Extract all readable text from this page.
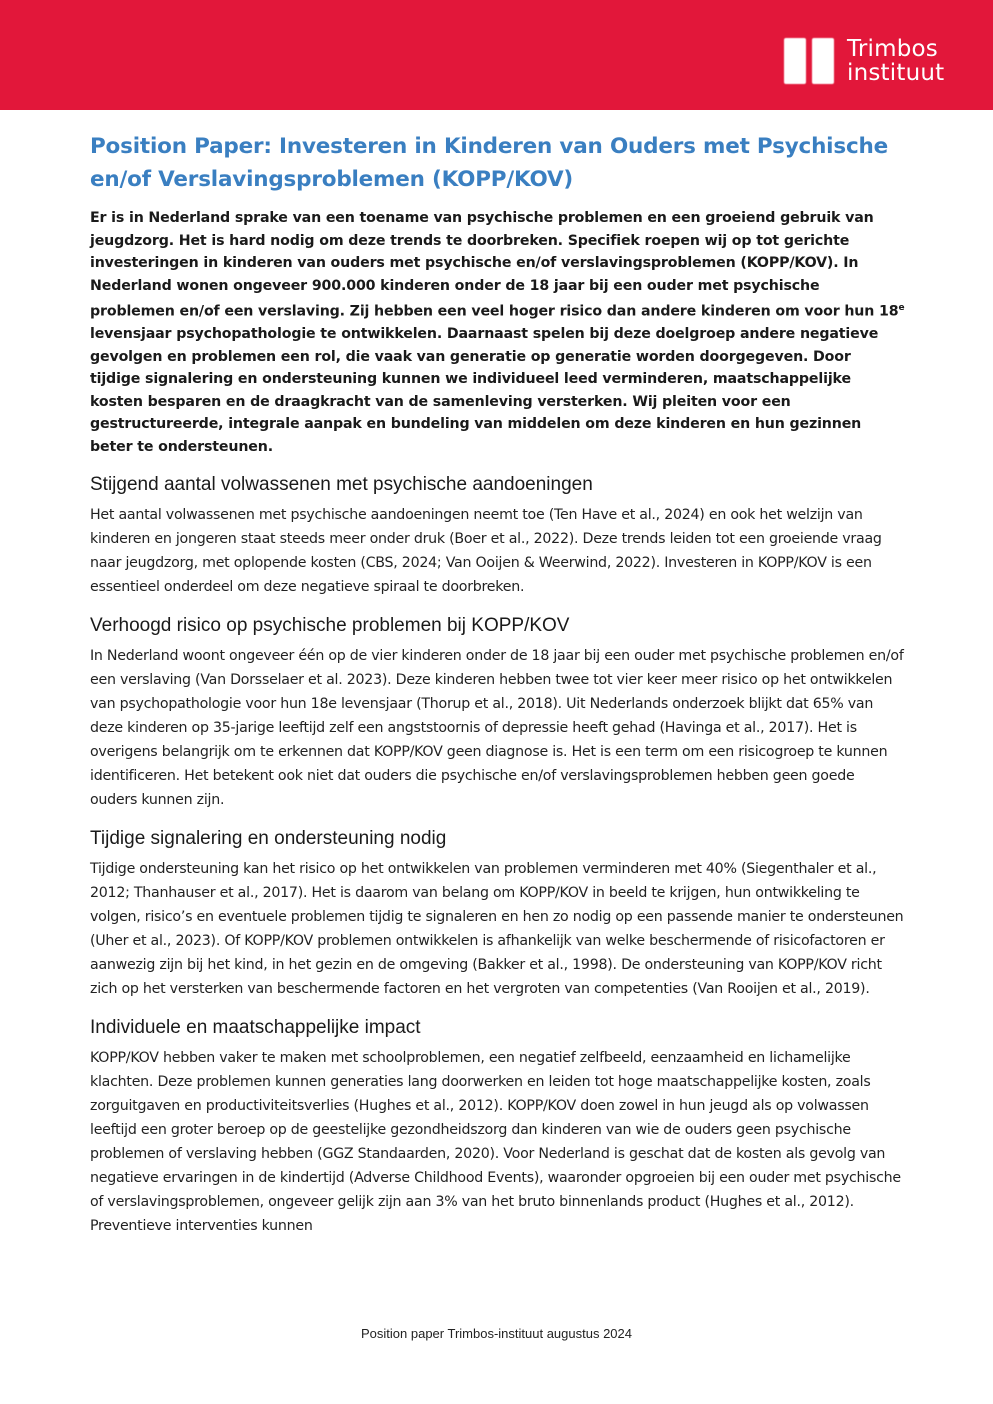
Trimbos
instituut
Position Paper: Investeren in Kinderen van Ouders met Psychische en/of Verslavingsproblemen (KOPP/KOV)

Er is in Nederland sprake van een toename van psychische problemen en een groeiend gebruik van jeugdzorg. Het is hard nodig om deze trends te doorbreken. Specifiek roepen wij op tot gerichte investeringen in kinderen van ouders met psychische en/of verslavingsproblemen (KOPP/KOV). In Nederland wonen ongeveer 900.000 kinderen onder de 18 jaar bij een ouder met psychische problemen en/of een verslaving. Zij hebben een veel hoger risico dan andere kinderen om voor hun 18e levensjaar psychopathologie te ontwikkelen. Daarnaast spelen bij deze doelgroep andere negatieve gevolgen en problemen een rol, die vaak van generatie op generatie worden doorgegeven. Door tijdige signalering en ondersteuning kunnen we individueel leed verminderen, maatschappelijke kosten besparen en de draagkracht van de samenleving versterken. Wij pleiten voor een gestructureerde, integrale aanpak en bundeling van middelen om deze kinderen en hun gezinnen beter te ondersteunen.

Stijgend aantal volwassenen met psychische aandoeningen

Het aantal volwassenen met psychische aandoeningen neemt toe (Ten Have et al., 2024) en ook het welzijn van kinderen en jongeren staat steeds meer onder druk (Boer et al., 2022). Deze trends leiden tot een groeiende vraag naar jeugdzorg, met oplopende kosten (CBS, 2024; Van Ooijen & Weerwind, 2022). Investeren in KOPP/KOV is een essentieel onderdeel om deze negatieve spiraal te doorbreken.

Verhoogd risico op psychische problemen bij KOPP/KOV

In Nederland woont ongeveer één op de vier kinderen onder de 18 jaar bij een ouder met psychische problemen en/of een verslaving (Van Dorsselaer et al. 2023). Deze kinderen hebben twee tot vier keer meer risico op het ontwikkelen van psychopathologie voor hun 18e levensjaar (Thorup et al., 2018). Uit Nederlands onderzoek blijkt dat 65% van deze kinderen op 35-jarige leeftijd zelf een angststoornis of depressie heeft gehad (Havinga et al., 2017). Het is overigens belangrijk om te erkennen dat KOPP/KOV geen diagnose is. Het is een term om een risicogroep te kunnen identificeren. Het betekent ook niet dat ouders die psychische en/of verslavingsproblemen hebben geen goede ouders kunnen zijn.

Tijdige signalering en ondersteuning nodig

Tijdige ondersteuning kan het risico op het ontwikkelen van problemen verminderen met 40% (Siegenthaler et al., 2012; Thanhauser et al., 2017). Het is daarom van belang om KOPP/KOV in beeld te krijgen, hun ontwikkeling te volgen, risico’s en eventuele problemen tijdig te signaleren en hen zo nodig op een passende manier te ondersteunen (Uher et al., 2023). Of KOPP/KOV problemen ontwikkelen is afhankelijk van welke beschermende of risicofactoren er aanwezig zijn bij het kind, in het gezin en de omgeving (Bakker et al., 1998). De ondersteuning van KOPP/KOV richt zich op het versterken van beschermende factoren en het vergroten van competenties (Van Rooijen et al., 2019).

Individuele en maatschappelijke impact

KOPP/KOV hebben vaker te maken met schoolproblemen, een negatief zelfbeeld, eenzaamheid en lichamelijke klachten. Deze problemen kunnen generaties lang doorwerken en leiden tot hoge maatschappelijke kosten, zoals zorguitgaven en productiviteitsverlies (Hughes et al., 2012). KOPP/KOV doen zowel in hun jeugd als op volwassen leeftijd een groter beroep op de geestelijke gezondheidszorg dan kinderen van wie de ouders geen psychische problemen of verslaving hebben (GGZ Standaarden, 2020). Voor Nederland is geschat dat de kosten als gevolg van negatieve ervaringen in de kindertijd (Adverse Childhood Events), waaronder opgroeien bij een ouder met psychische of verslavingsproblemen, ongeveer gelijk zijn aan 3% van het bruto binnenlands product (Hughes et al., 2012). Preventieve interventies kunnen

Position paper Trimbos-instituut augustus 2024
